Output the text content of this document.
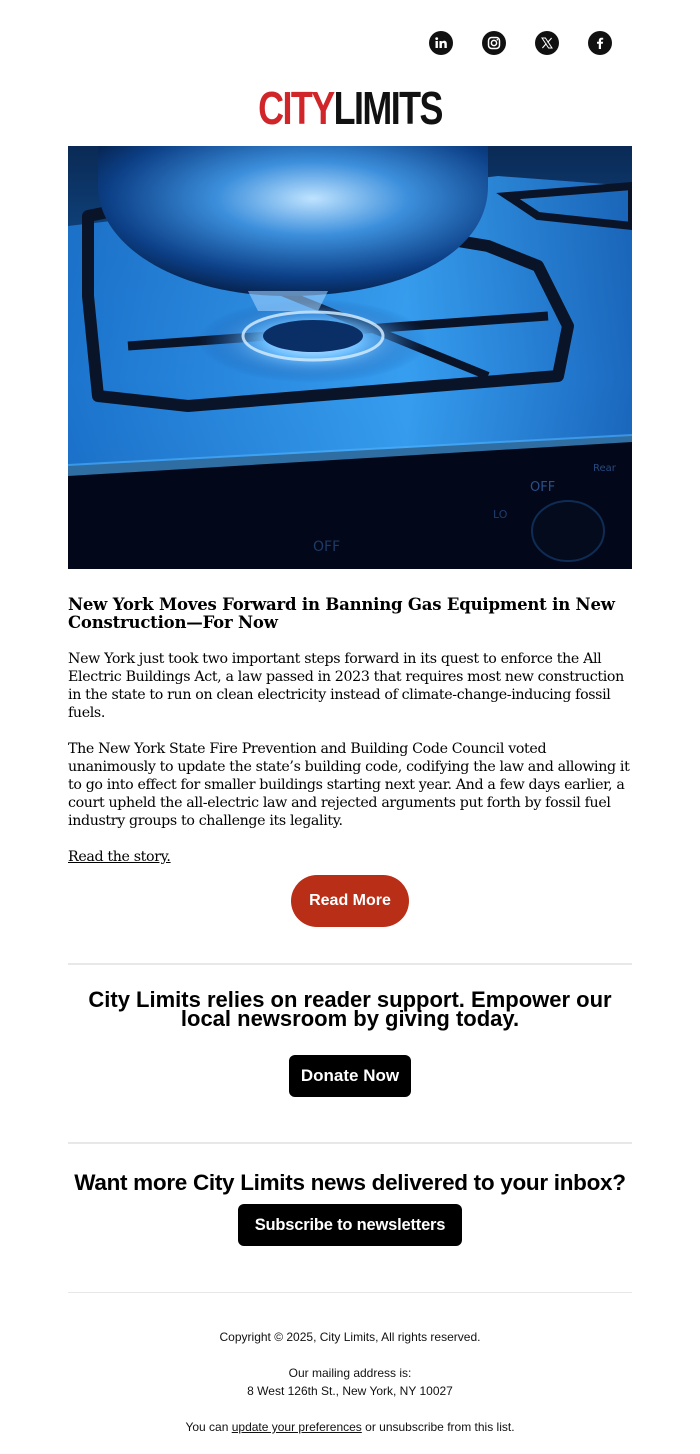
CITYLIMITS
OFF
OFF
LO
Rear
New York Moves Forward in Banning Gas Equipment in New Construction—For Now

New York just took two important steps forward in its quest to enforce the All Electric Buildings Act, a law passed in 2023 that requires most new construction in the state to run on clean electricity instead of climate-change-inducing fossil fuels.

The New York State Fire Prevention and Building Code Council voted unanimously to update the state’s building code, codifying the law and allowing it to go into effect for smaller buildings starting next year. And a few days earlier, a court upheld the all-electric law and rejected arguments put forth by fossil fuel industry groups to challenge its legality.

Read the story.
Read More

City Limits relies on reader support. Empower our local newsroom by giving today.

Donate Now

Want more City Limits news delivered to your inbox?

Subscribe to newsletters
Copyright © 2025, City Limits, All rights reserved.
Our mailing address is:
8 West 126th St., New York, NY 10027
You can update your preferences or unsubscribe from this list.
